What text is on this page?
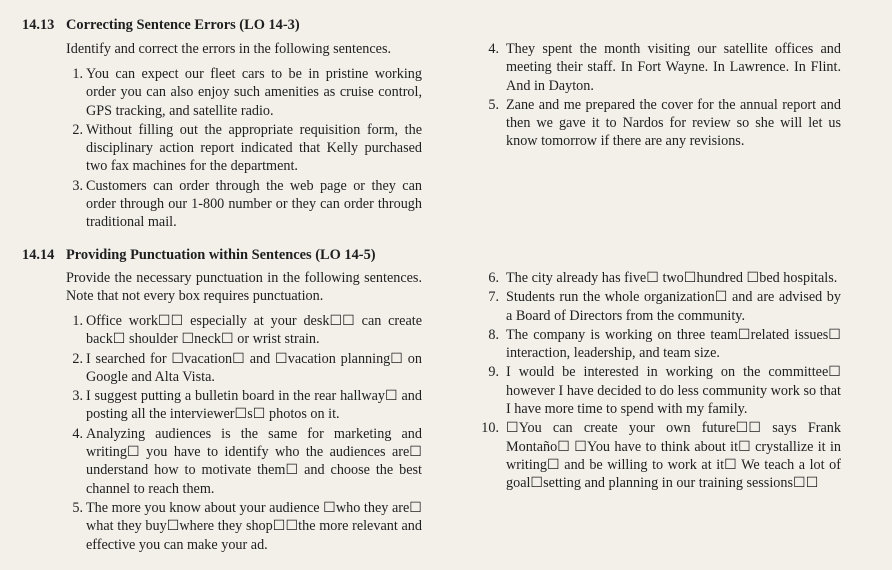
14.13 Correcting Sentence Errors (LO 14-3)
Identify and correct the errors in the following sentences.
1. You can expect our fleet cars to be in pristine working order you can also enjoy such amenities as cruise control, GPS tracking, and satellite radio.
2. Without filling out the appropriate requisition form, the disciplinary action report indicated that Kelly purchased two fax machines for the department.
3. Customers can order through the web page or they can order through our 1-800 number or they can order through traditional mail.
4. They spent the month visiting our satellite offices and meeting their staff. In Fort Wayne. In Lawrence. In Flint. And in Dayton.
5. Zane and me prepared the cover for the annual report and then we gave it to Nardos for review so she will let us know tomorrow if there are any revisions.
14.14 Providing Punctuation within Sentences (LO 14-5)
Provide the necessary punctuation in the following sentences. Note that not every box requires punctuation.
1. Office work☐☐ especially at your desk☐☐ can create back☐ shoulder ☐neck☐ or wrist strain.
2. I searched for ☐vacation☐ and ☐vacation planning☐ on Google and Alta Vista.
3. I suggest putting a bulletin board in the rear hallway☐ and posting all the interviewer☐s☐ photos on it.
4. Analyzing audiences is the same for marketing and writing☐ you have to identify who the audiences are☐ understand how to motivate them☐ and choose the best channel to reach them.
5. The more you know about your audience ☐who they are☐ what they buy☐where they shop☐☐the more relevant and effective you can make your ad.
6. The city already has five☐ two☐hundred ☐bed hospitals.
7. Students run the whole organization☐ and are advised by a Board of Directors from the community.
8. The company is working on three team☐related issues☐ interaction, leadership, and team size.
9. I would be interested in working on the committee☐ however I have decided to do less community work so that I have more time to spend with my family.
10. ☐You can create your own future☐☐ says Frank Montaño☐ ☐You have to think about it☐ crystallize it in writing☐ and be willing to work at it☐ We teach a lot of goal☐setting and planning in our training sessions☐☐
